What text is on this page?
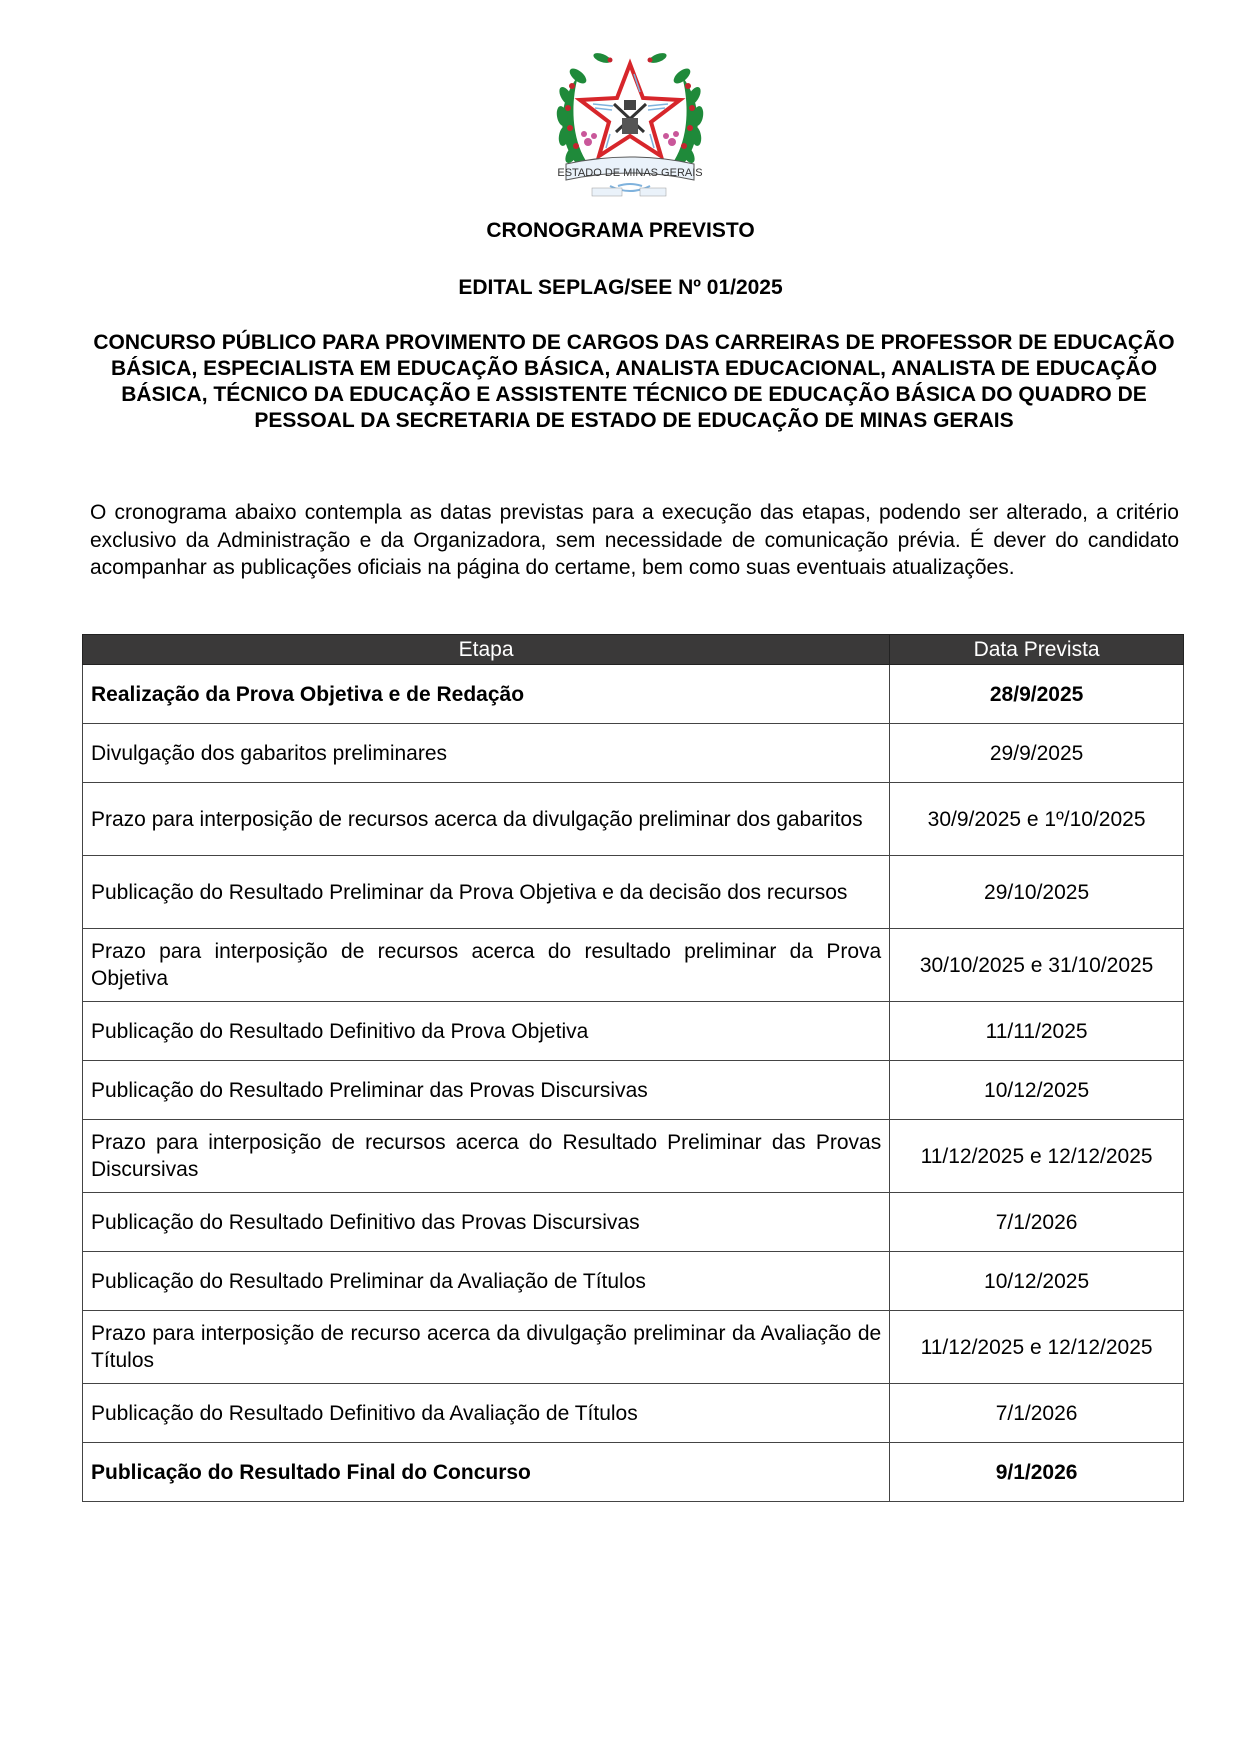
ESTADO DE MINAS GERAIS
CRONOGRAMA PREVISTO
EDITAL SEPLAG/SEE Nº 01/2025
CONCURSO PÚBLICO PARA PROVIMENTO DE CARGOS DAS CARREIRAS DE PROFESSOR DE EDUCAÇÃO BÁSICA, ESPECIALISTA EM EDUCAÇÃO BÁSICA, ANALISTA EDUCACIONAL, ANALISTA DE EDUCAÇÃO BÁSICA, TÉCNICO DA EDUCAÇÃO E ASSISTENTE TÉCNICO DE EDUCAÇÃO BÁSICA DO QUADRO DE PESSOAL DA SECRETARIA DE ESTADO DE EDUCAÇÃO DE MINAS GERAIS

O cronograma abaixo contempla as datas previstas para a execução das etapas, podendo ser alterado, a critério exclusivo da Administração e da Organizadora, sem necessidade de comunicação prévia. É dever do candidato acompanhar as publicações oficiais na página do certame, bem como suas eventuais atualizações.

Etapa	Data Prevista
Realização da Prova Objetiva e de Redação	28/9/2025
Divulgação dos gabaritos preliminares	29/9/2025
Prazo para interposição de recursos acerca da divulgação preliminar dos gabaritos	30/9/2025 e 1º/10/2025
Publicação do Resultado Preliminar da Prova Objetiva e da decisão dos recursos	29/10/2025
Prazo para interposição de recursos acerca do resultado preliminar da Prova Objetiva	30/10/2025 e 31/10/2025
Publicação do Resultado Definitivo da Prova Objetiva	11/11/2025
Publicação do Resultado Preliminar das Provas Discursivas	10/12/2025
Prazo para interposição de recursos acerca do Resultado Preliminar das Provas Discursivas	11/12/2025 e 12/12/2025
Publicação do Resultado Definitivo das Provas Discursivas	7/1/2026
Publicação do Resultado Preliminar da Avaliação de Títulos	10/12/2025
Prazo para interposição de recurso acerca da divulgação preliminar da Avaliação de Títulos	11/12/2025 e 12/12/2025
Publicação do Resultado Definitivo da Avaliação de Títulos	7/1/2026
Publicação do Resultado Final do Concurso	9/1/2026
